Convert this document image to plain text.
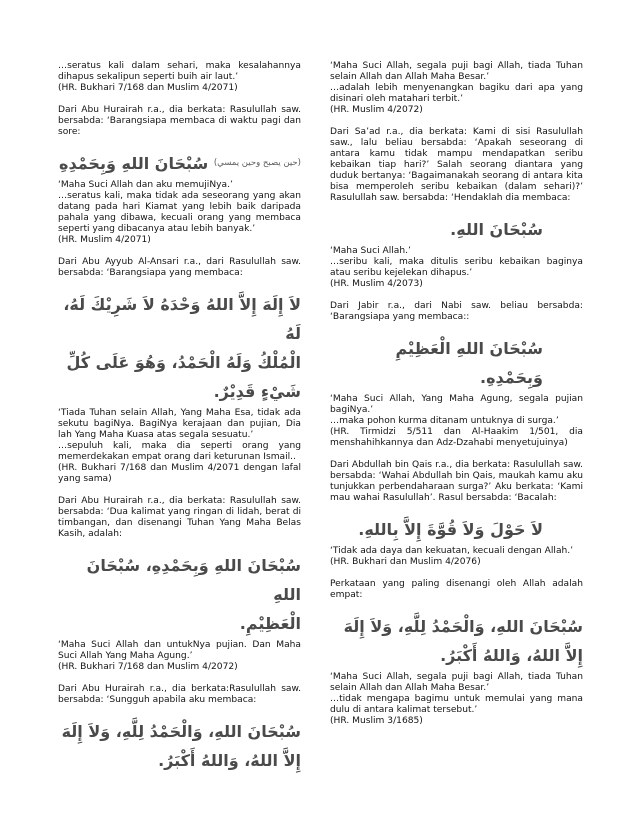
…seratus kali dalam sehari, maka kesalahannya dihapus sekalipun seperti buih air laut.’

(HR. Bukhari 7/168 dan Muslim 4/2071)

Dari Abu Hurairah r.a., dia berkata: Rasulullah saw. bersabda: ‘Barangsiapa membaca di waktu pagi dan sore:

$^{(حين يصبح وحين يمسي)}$ سُبْحَانَ اللهِ وَبِحَمْدِهِ

‘Maha Suci Allah dan aku memujiNya.’

…seratus kali, maka tidak ada seseorang yang akan datang pada hari Kiamat yang lebih baik daripada pahala yang dibawa, kecuali orang yang membaca seperti yang dibacanya atau lebih banyak.’

(HR. Muslim 4/2071)

Dari Abu Ayyub Al-Ansari r.a., dari Rasulullah saw. bersabda: ‘Barangsiapa yang membaca:

لاَ إِلَهَ إِلاَّ اللهُ وَحْدَهُ لاَ شَرِيْكَ لَهُ، لَهُ
الْمُلْكُ وَلَهُ الْحَمْدُ، وَهُوَ عَلَى كُلِّ
شَيْءٍ قَدِيْرٌ.

‘Tiada Tuhan selain Allah, Yang Maha Esa, tidak ada sekutu bagiNya. BagiNya kerajaan dan pujian, Dia lah Yang Maha Kuasa atas segala sesuatu.’

…sepuluh kali, maka dia seperti orang yang memerdekakan empat orang dari keturunan Ismail..

(HR. Bukhari 7/168 dan Muslim 4/2071 dengan lafal yang sama)

Dari Abu Hurairah r.a., dia berkata: Rasulullah saw. bersabda: ‘Dua kalimat yang ringan di lidah, berat di timbangan, dan disenangi Tuhan Yang Maha Belas Kasih, adalah:

سُبْحَانَ اللهِ وَبِحَمْدِهِ، سُبْحَانَ اللهِ
الْعَظِيْمِ.

‘Maha Suci Allah dan untukNya pujian. Dan Maha Suci Allah Yang Maha Agung.’

(HR. Bukhari 7/168 dan Muslim 4/2072)

Dari Abu Hurairah r.a., dia berkata:Rasulullah saw. bersabda: ‘Sungguh apabila aku membaca:

سُبْحَانَ اللهِ، وَالْحَمْدُ لِلَّهِ، وَلاَ إِلَهَ
إِلاَّ اللهُ، وَاللهُ أَكْبَرُ.

‘Maha Suci Allah, segala puji bagi Allah, tiada Tuhan selain Allah dan Allah Maha Besar.’

…adalah lebih menyenangkan bagiku dari apa yang disinari oleh matahari terbit.’

(HR. Muslim 4/2072)

Dari Sa’ad r.a., dia berkata: Kami di sisi Rasulullah saw., lalu beliau bersabda: ‘Apakah seseorang di antara kamu tidak mampu mendapatkan seribu kebaikan tiap hari?’ Salah seorang diantara yang duduk bertanya: ‘Bagaimanakah seorang di antara kita bisa memperoleh seribu kebaikan (dalam sehari)?’ Rasulullah saw. bersabda: ‘Hendaklah dia membaca:

سُبْحَانَ اللهِ.

‘Maha Suci Allah.’

…seribu kali, maka ditulis seribu kebaikan baginya atau seribu kejelekan dihapus.’

(HR. Muslim 4/2073)

Dari Jabir r.a., dari Nabi saw. beliau bersabda: ‘Barangsiapa yang membaca::

سُبْحَانَ اللهِ الْعَظِيْمِ وَبِحَمْدِهِ.

‘Maha Suci Allah, Yang Maha Agung, segala pujian bagiNya.’

…maka pohon kurma ditanam untuknya di surga.’

(HR. Tirmidzi 5/511 dan Al-Haakim 1/501, dia menshahihkannya dan Adz-Dzahabi menyetujuinya)

Dari Abdullah bin Qais r.a., dia berkata: Rasulullah saw. bersabda: ‘Wahai Abdullah bin Qais, maukah kamu aku tunjukkan perbendaharaan surga?’ Aku berkata: ‘Kami mau wahai Rasulullah’. Rasul bersabda: ‘Bacalah:

لاَ حَوْلَ وَلاَ قُوَّةَ إِلاَّ بِاللهِ.

‘Tidak ada daya dan kekuatan, kecuali dengan Allah.’

(HR. Bukhari dan Muslim 4/2076)

Perkataan yang paling disenangi oleh Allah adalah empat:

سُبْحَانَ اللهِ، وَالْحَمْدُ لِلَّهِ، وَلاَ إِلَهَ
إِلاَّ اللهُ، وَاللهُ أَكْبَرُ.

‘Maha Suci Allah, segala puji bagi Allah, tiada Tuhan selain Allah dan Allah Maha Besar.’

…tidak mengapa bagimu untuk memulai yang mana dulu di antara kalimat tersebut.’

(HR. Muslim 3/1685)
